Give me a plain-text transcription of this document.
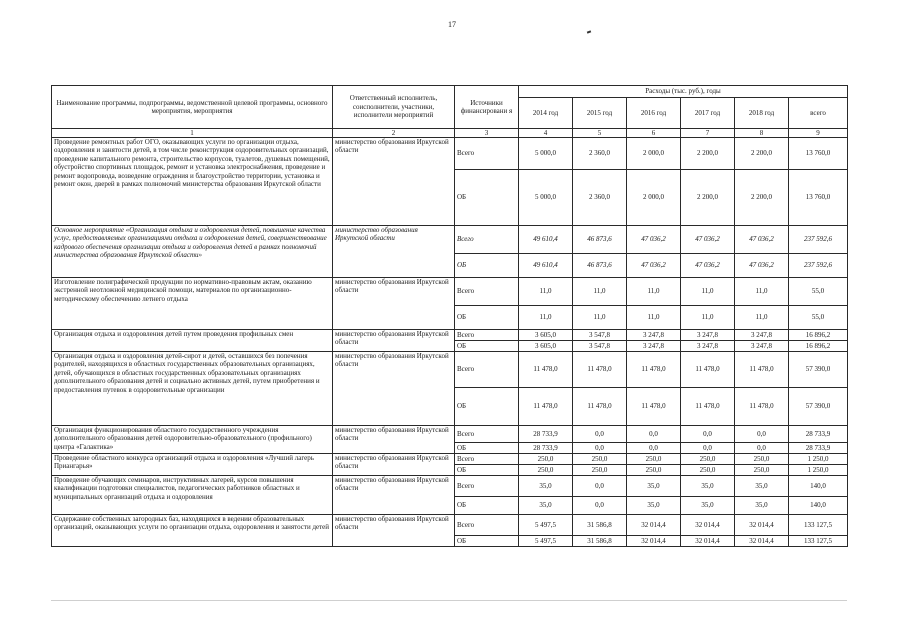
17
Наименование программы, подпрограммы, ведомственной целевой программы, основного мероприятия, мероприятия	Ответственный исполнитель, соисполнители, участники, исполнители мероприятий	Источники финансировани я	Расходы (тыс. руб.), годы					
			2014 год	2015 год	2016 год	2017 год	2018 год	всего
1	2	3	4	5	6	7	8	9
Проведение ремонтных работ ОГО, оказывающих услуги по организации отдыха, оздоровления и занятости детей, в том числе реконструкция оздоровительных организаций, проведение капитального ремонта, строительство корпусов, туалетов, душевых помещений, обустройство спортивных площадок, ремонт и установка электроснабжения, проведение и ремонт водопровода, возведение ограждения и благоустройство территории, установка и ремонт окон, дверей в рамках полномочий министерства образования Иркутской области	министерство образования Иркутской области	Всего	5 000,0	2 360,0	2 000,0	2 200,0	2 200,0	13 760,0
		ОБ	5 000,0	2 360,0	2 000,0	2 200,0	2 200,0	13 760,0
Основное мероприятие «Организация отдыха и оздоровления детей, повышение качества услуг, предоставляемых организациями отдыха и оздоровления детей, совершенствование кадрового обеспечения организации отдыха и оздоровления детей в рамках полномочий министерства образования Иркутской области»	министерство образования Иркутской области	Всего	49 610,4	46 873,6	47 036,2	47 036,2	47 036,2	237 592,6
		ОБ	49 610,4	46 873,6	47 036,2	47 036,2	47 036,2	237 592,6
Изготовление полиграфической продукции по нормативно-правовым актам, оказанию экстренной неотложной медицинской помощи, материалов по организационно-методическому обеспечению летнего отдыха	министерство образования Иркутской области	Всего	11,0	11,0	11,0	11,0	11,0	55,0
		ОБ	11,0	11,0	11,0	11,0	11,0	55,0
Организация отдыха и оздоровления детей путем проведения профильных смен	министерство образования Иркутской области	Всего	3 605,0	3 547,8	3 247,8	3 247,8	3 247,8	16 896,2
		ОБ	3 605,0	3 547,8	3 247,8	3 247,8	3 247,8	16 896,2
Организация отдыха и оздоровления детей-сирот и детей, оставшихся без попечения родителей, находящихся в областных государственных образовательных организациях, детей, обучающихся в областных государственных образовательных организациях дополнительного образования детей и социально активных детей, путем приобретения и предоставления путевок в оздоровительные организации	министерство образования Иркутской области	Всего	11 478,0	11 478,0	11 478,0	11 478,0	11 478,0	57 390,0
		ОБ	11 478,0	11 478,0	11 478,0	11 478,0	11 478,0	57 390,0
Организация функционирования областного государственного учреждения дополнительного образования детей оздоровительно-образовательного (профильного) центра «Галактика»	министерство образования Иркутской области	Всего	28 733,9	0,0	0,0	0,0	0,0	28 733,9
		ОБ	28 733,9	0,0	0,0	0,0	0,0	28 733,9
Проведение областного конкурса организаций отдыха и оздоровления «Лучший лагерь Приангарья»	министерство образования Иркутской области	Всего	250,0	250,0	250,0	250,0	250,0	1 250,0
		ОБ	250,0	250,0	250,0	250,0	250,0	1 250,0
Проведение обучающих семинаров, инструктивных лагерей, курсов повышения квалификации подготовки специалистов, педагогических работников областных и муниципальных организаций отдыха и оздоровления	министерство образования Иркутской области	Всего	35,0	0,0	35,0	35,0	35,0	140,0
		ОБ	35,0	0,0	35,0	35,0	35,0	140,0
Содержание собственных загородных баз, находящихся в ведении образовательных организаций, оказывающих услуги по организации отдыха, оздоровления и занятости детей	министерство образования Иркутской области	Всего	5 497,5	31 586,8	32 014,4	32 014,4	32 014,4	133 127,5
		ОБ	5 497,5	31 586,8	32 014,4	32 014,4	32 014,4	133 127,5
